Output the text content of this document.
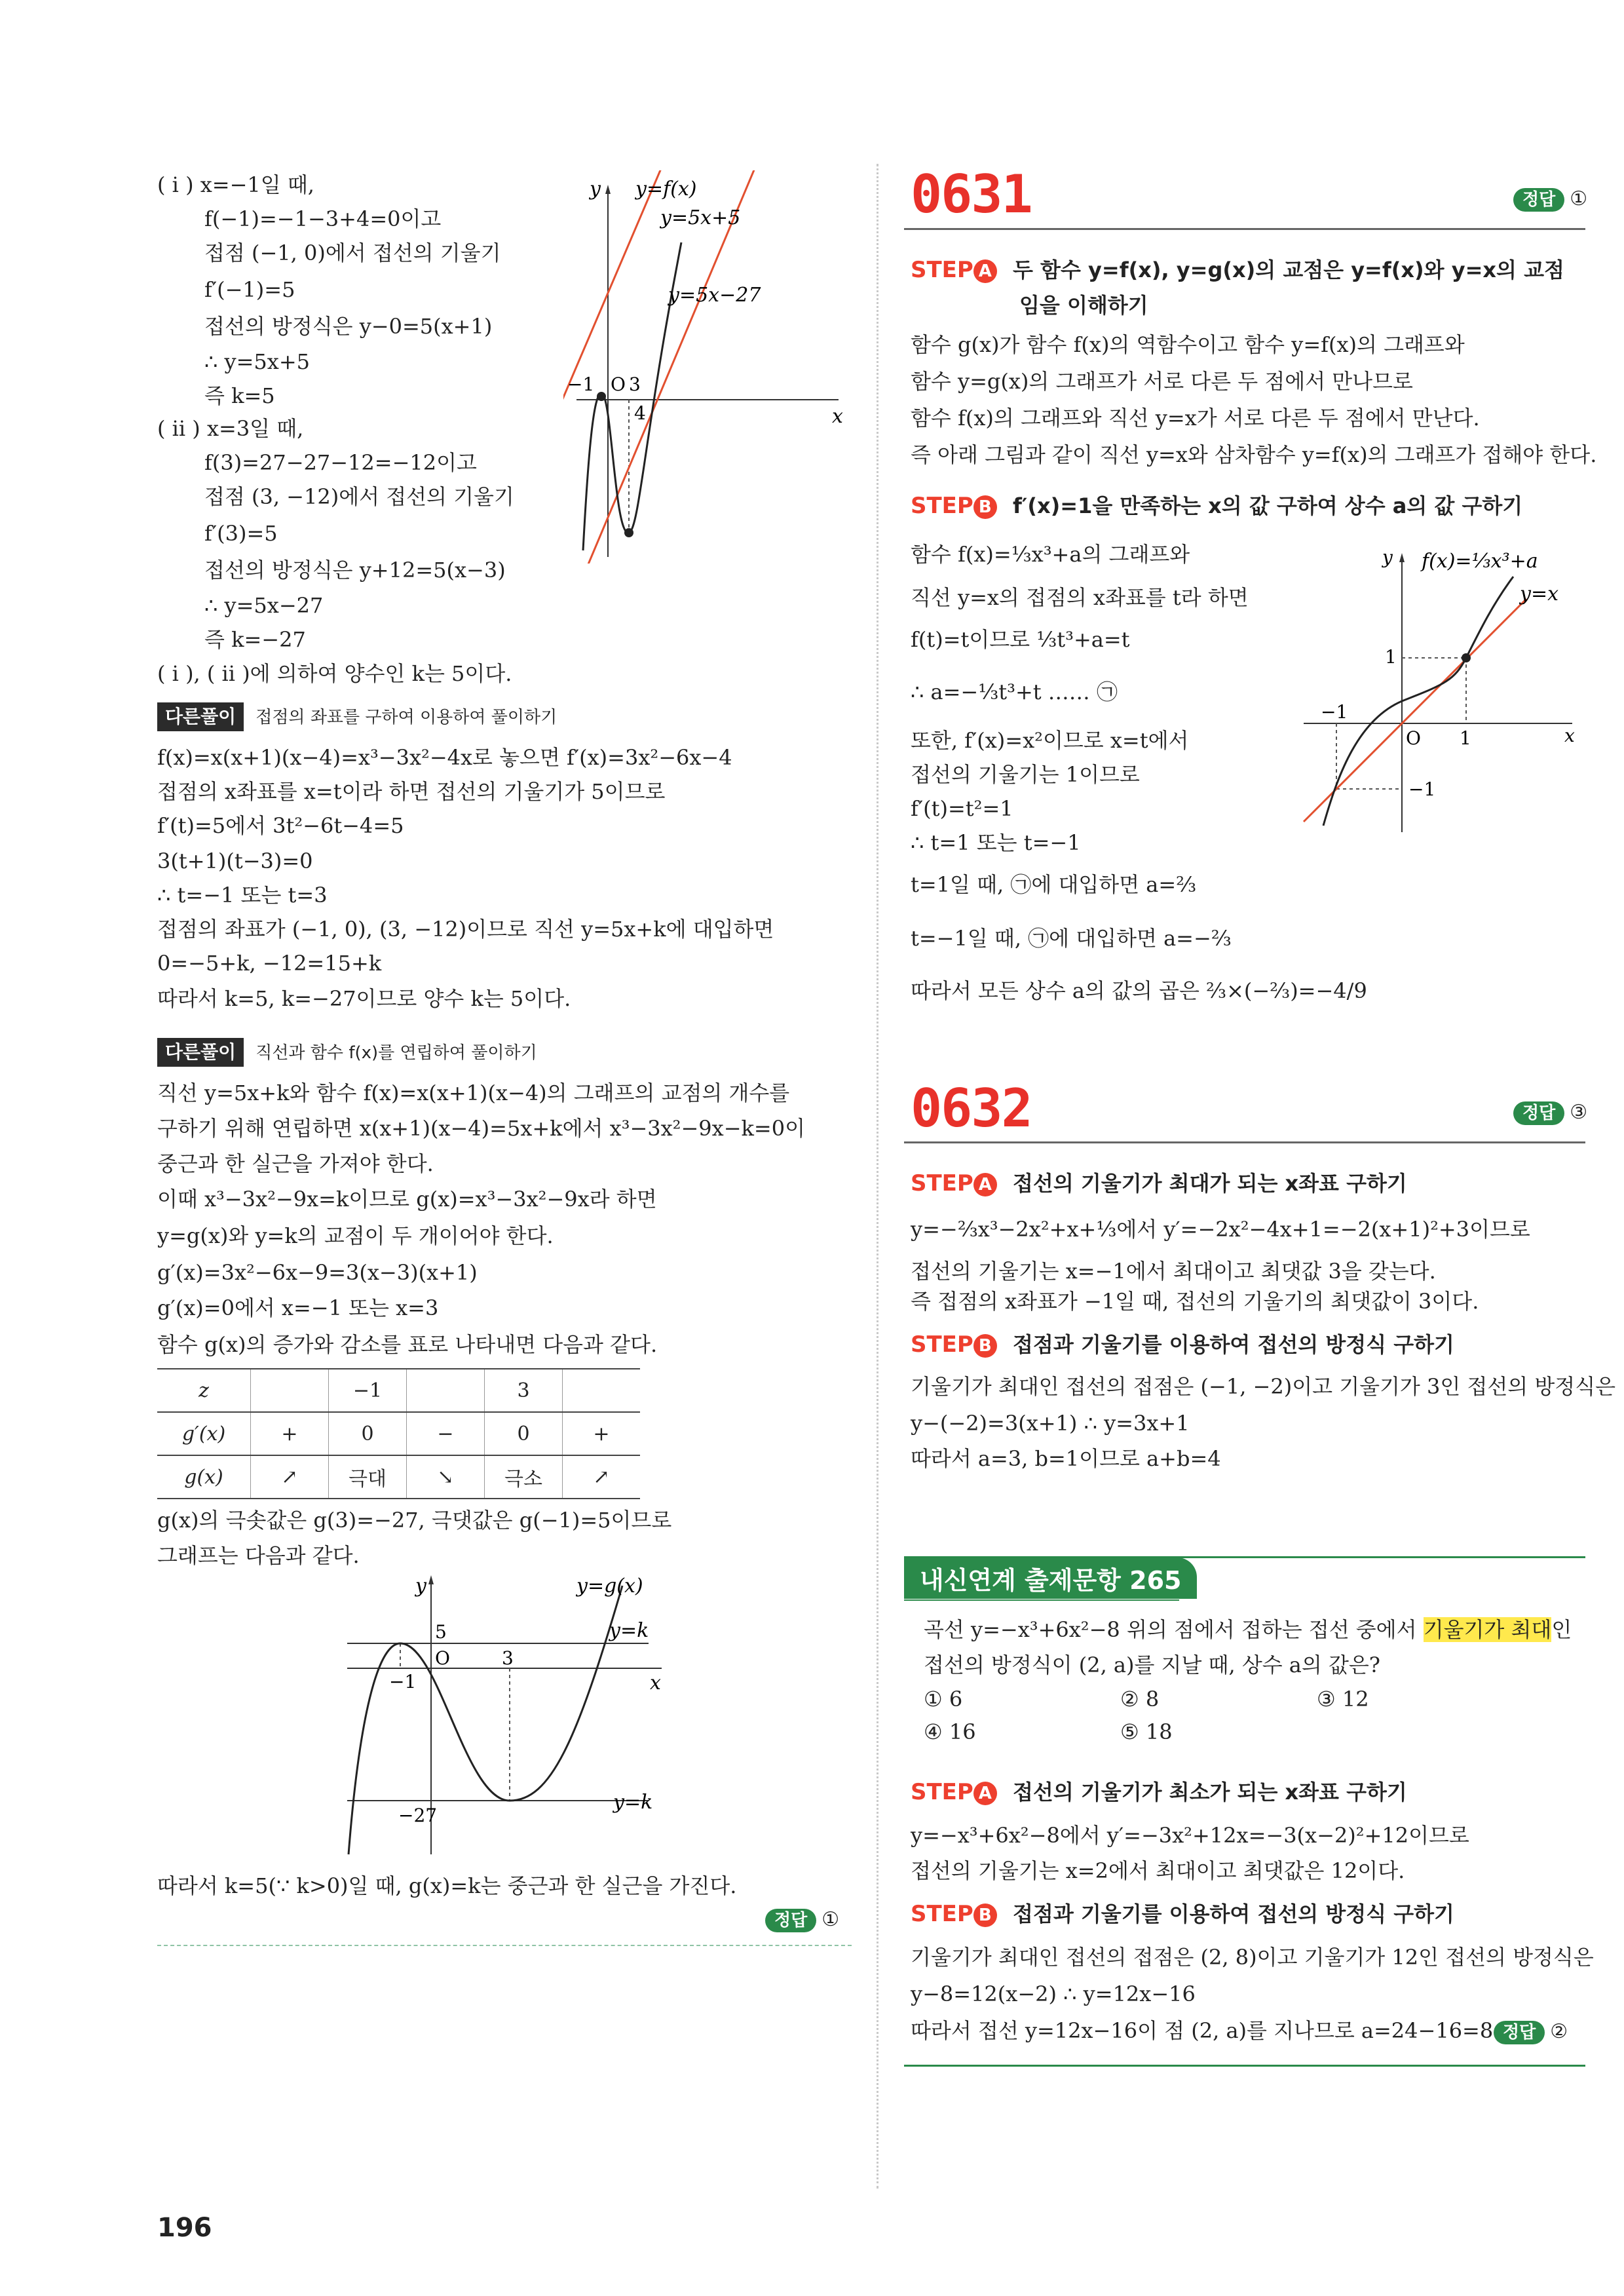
( i ) x=−1일 때,
f(−1)=−1−3+4=0이고
접점 (−1, 0)에서 접선의 기울기
f′(−1)=5
접선의 방정식은 y−0=5(x+1)
∴ y=5x+5
즉 k=5
( ii ) x=3일 때,
f(3)=27−27−12=−12이고
접점 (3, −12)에서 접선의 기울기
f′(3)=5
접선의 방정식은 y+12=5(x−3)
∴ y=5x−27
즉 k=−27
( i ), ( ii )에 의하여 양수인 k는 5이다.
y
x
y=f(x)
y=5x+5
y=5x−27
−1 O 3
4
다른풀이 접점의 좌표를 구하여 이용하여 풀이하기
f(x)=x(x+1)(x−4)=x³−3x²−4x로 놓으면 f′(x)=3x²−6x−4
접점의 x좌표를 x=t이라 하면 접선의 기울기가 5이므로
f′(t)=5에서 3t²−6t−4=5
3(t+1)(t−3)=0
∴ t=−1 또는 t=3
접점의 좌표가 (−1, 0), (3, −12)이므로 직선 y=5x+k에 대입하면
0=−5+k, −12=15+k
따라서 k=5, k=−27이므로 양수 k는 5이다.
다른풀이 직선과 함수 f(x)를 연립하여 풀이하기
직선 y=5x+k와 함수 f(x)=x(x+1)(x−4)의 그래프의 교점의 개수를
구하기 위해 연립하면 x(x+1)(x−4)=5x+k에서 x³−3x²−9x−k=0이
중근과 한 실근을 가져야 한다.
이때 x³−3x²−9x=k이므로 g(x)=x³−3x²−9x라 하면
y=g(x)와 y=k의 교점이 두 개이어야 한다.
g′(x)=3x²−6x−9=3(x−3)(x+1)
g′(x)=0에서 x=−1 또는 x=3
함수 g(x)의 증가와 감소를 표로 나타내면 다음과 같다.
z		−1		3	
g′(x)	+	0	−	0	+
g(x)	↗	극대	↘	극소	↗
g(x)의 극솟값은 g(3)=−27, 극댓값은 g(−1)=5이므로
그래프는 다음과 같다.
y
x
y=g(x)
y=k
y=k
5
O	3
−1
−27
따라서 k=5(∵ k>0)일 때, g(x)=k는 중근과 한 실근을 가진다.
정답 ①
0631	정답 ①
STEP A 두 함수 y=f(x), y=g(x)의 교점은 y=f(x)와 y=x의 교점
임을 이해하기
함수 g(x)가 함수 f(x)의 역함수이고 함수 y=f(x)의 그래프와
함수 y=g(x)의 그래프가 서로 다른 두 점에서 만나므로
함수 f(x)의 그래프와 직선 y=x가 서로 다른 두 점에서 만난다.
즉 아래 그림과 같이 직선 y=x와 삼차함수 y=f(x)의 그래프가 접해야 한다.
STEP B f′(x)=1을 만족하는 x의 값 구하여 상수 a의 값 구하기
함수 f(x)=⅓x³+a의 그래프와
직선 y=x의 접점의 x좌표를 t라 하면
f(t)=t이므로 ⅓t³+a=t
∴ a=−⅓t³+t …… ㉠
또한, f′(x)=x²이므로 x=t에서
접선의 기울기는 1이므로
f′(t)=t²=1
∴ t=1 또는 t=−1
t=1일 때, ㉠에 대입하면 a=⅔
t=−1일 때, ㉠에 대입하면 a=−⅔
따라서 모든 상수 a의 값의 곱은 ⅔×(−⅔)=−4/9
y
x
f(x)=⅓x³+a
y=x
1
−1
O 1
−1
0632	정답 ③
STEP A 접선의 기울기가 최대가 되는 x좌표 구하기
y=−⅔x³−2x²+x+⅓에서 y′=−2x²−4x+1=−2(x+1)²+3이므로
접선의 기울기는 x=−1에서 최대이고 최댓값 3을 갖는다.
즉 접점의 x좌표가 −1일 때, 접선의 기울기의 최댓값이 3이다.
STEP B 접점과 기울기를 이용하여 접선의 방정식 구하기
기울기가 최대인 접선의 접점은 (−1, −2)이고 기울기가 3인 접선의 방정식은
y−(−2)=3(x+1) ∴ y=3x+1
따라서 a=3, b=1이므로 a+b=4
내신연계 출제문항 265
곡선 y=−x³+6x²−8 위의 점에서 접하는 접선 중에서 기울기가 최대인
접선의 방정식이 (2, a)를 지날 때, 상수 a의 값은?
① 6	② 8	③ 12
④ 16	⑤ 18
STEP A 접선의 기울기가 최소가 되는 x좌표 구하기
y=−x³+6x²−8에서 y′=−3x²+12x=−3(x−2)²+12이므로
접선의 기울기는 x=2에서 최대이고 최댓값은 12이다.
STEP B 접점과 기울기를 이용하여 접선의 방정식 구하기
기울기가 최대인 접선의 접점은 (2, 8)이고 기울기가 12인 접선의 방정식은
y−8=12(x−2) ∴ y=12x−16
따라서 접선 y=12x−16이 점 (2, a)를 지나므로 a=24−16=8 정답 ②
196
